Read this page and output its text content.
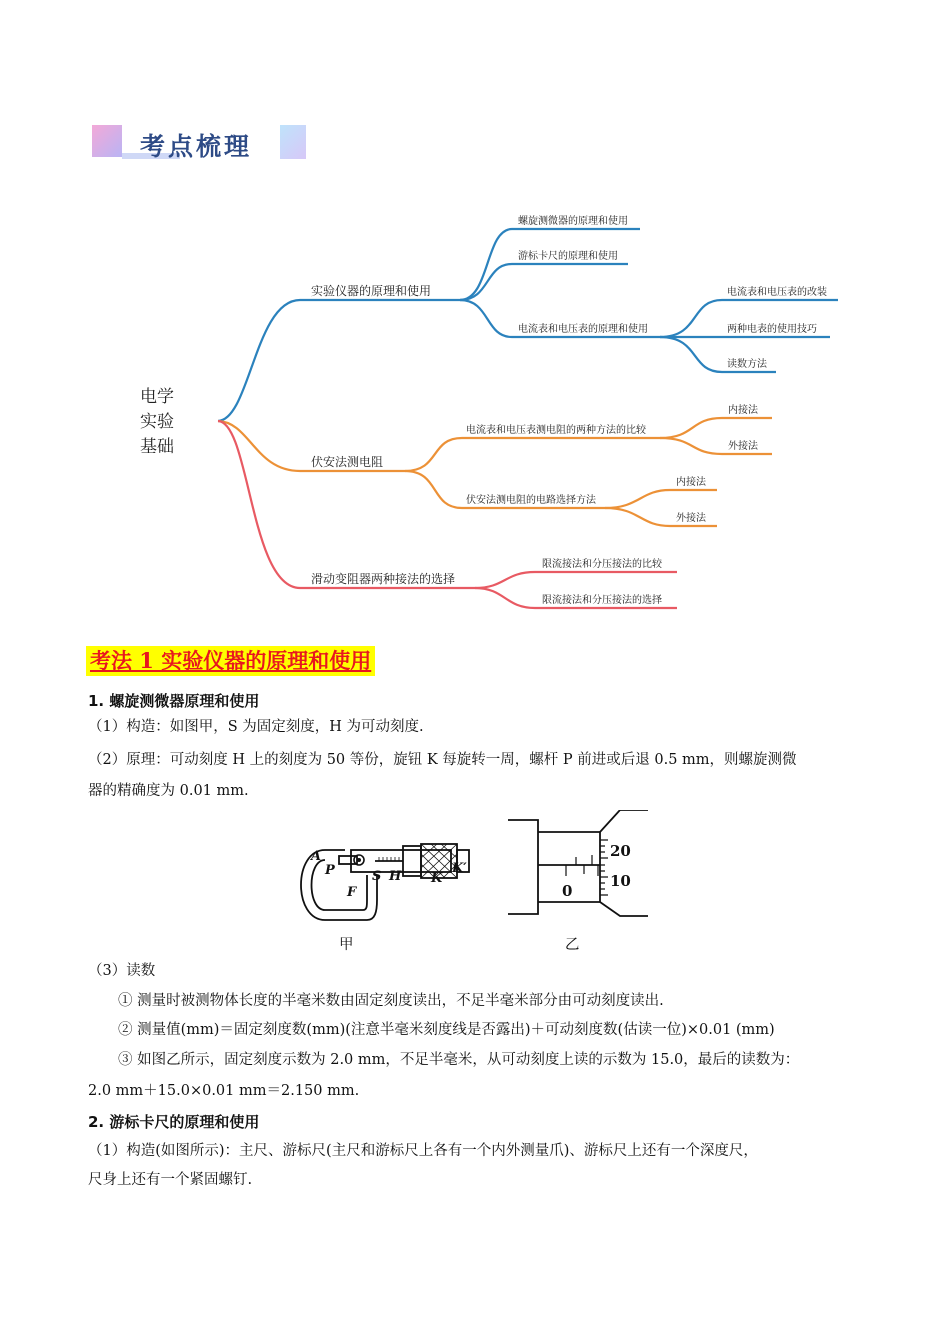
考点梳理
电学
实验
基础
实验仪器的原理和使用
伏安法测电阻
滑动变阻器两种接法的选择
螺旋测微器的原理和使用
游标卡尺的原理和使用
电流表和电压表的原理和使用
电流表和电压表的改装
两种电表的使用技巧
读数方法
电流表和电压表测电阻的两种方法的比较
伏安法测电阻的电路选择方法
内接法
外接法
内接法
外接法
限流接法和分压接法的比较
限流接法和分压接法的选择
考法 1 实验仪器的原理和使用
1. 螺旋测微器原理和使用
（1）构造：如图甲，S 为固定刻度，H 为可动刻度.
（2）原理：可动刻度 H 上的刻度为 50 等份，旋钮 K 每旋转一周，螺杆 P 前进或后退 0.5 mm，则螺旋测微
器的精确度为 0.01 mm.
A
P	S H K
K′
F
甲
20
10
0
乙
（3）读数
① 测量时被测物体长度的半毫米数由固定刻度读出，不足半毫米部分由可动刻度读出.
② 测量值(mm)＝固定刻度数(mm)(注意半毫米刻度线是否露出)＋可动刻度数(估读一位)×0.01 (mm)
③ 如图乙所示，固定刻度示数为 2.0 mm，不足半毫米，从可动刻度上读的示数为 15.0，最后的读数为：
2.0 mm＋15.0×0.01 mm＝2.150 mm.
2. 游标卡尺的原理和使用
（1）构造(如图所示)：主尺、游标尺(主尺和游标尺上各有一个内外测量爪)、游标尺上还有一个深度尺，
尺身上还有一个紧固螺钉.
